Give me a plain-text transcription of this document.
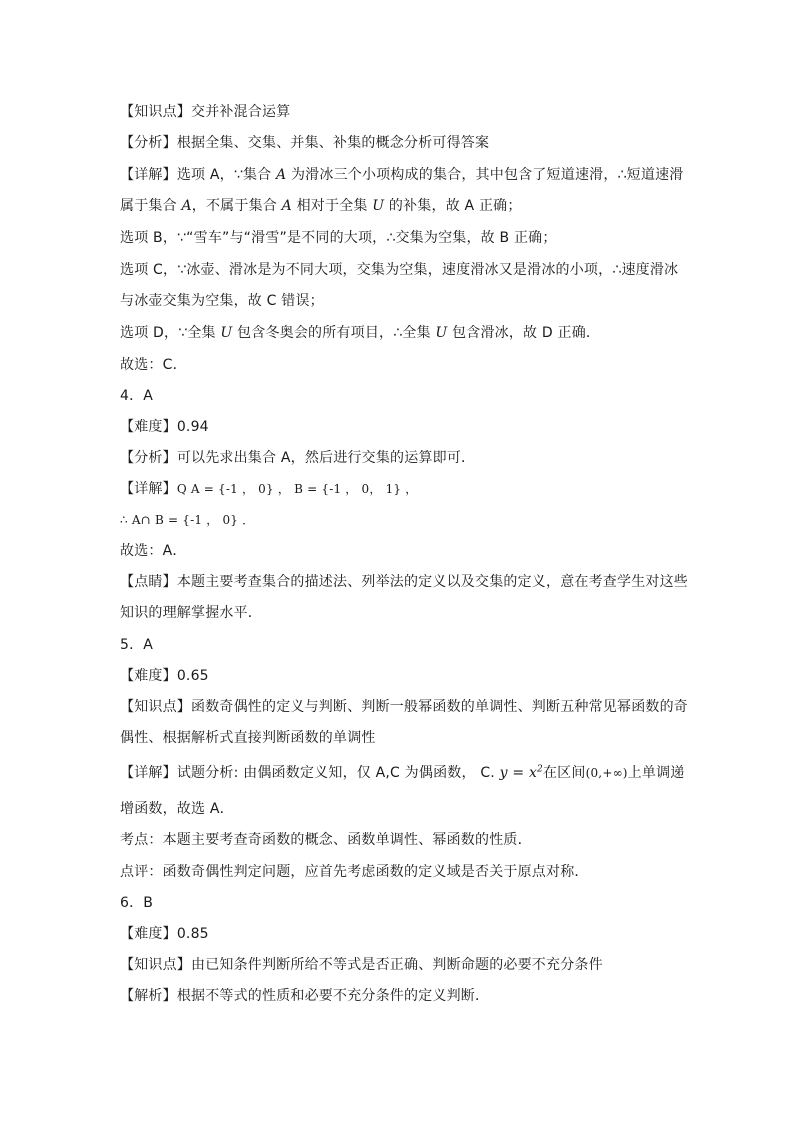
【知识点】交并补混合运算
【分析】根据全集、交集、并集、补集的概念分析可得答案
【详解】选项 A，∵集合 A 为滑冰三个小项构成的集合，其中包含了短道速滑，∴短道速滑
属于集合 A，不属于集合 A 相对于全集 U 的补集，故 A 正确；
选项 B，∵“雪车”与“滑雪”是不同的大项，∴交集为空集，故 B 正确；
选项 C，∵冰壶、滑冰是为不同大项，交集为空集，速度滑冰又是滑冰的小项，∴速度滑冰
与冰壶交集为空集，故 C 错误；
选项 D，∵全集 U 包含冬奥会的所有项目，∴全集 U 包含滑冰，故 D 正确．
故选：C．
4．A
【难度】0.94
【分析】可以先求出集合 A，然后进行交集的运算即可．
【详解】Q A = {-1 ， 0} ， B = {-1 ， 0， 1} ，
∴ A∩ B = {-1 ， 0} ．
故选：A．
【点睛】本题主要考查集合的描述法、列举法的定义以及交集的定义，意在考查学生对这些
知识的理解掌握水平．
5．A
【难度】0.65
【知识点】函数奇偶性的定义与判断、判断一般幂函数的单调性、判断五种常见幂函数的奇
偶性、根据解析式直接判断函数的单调性
【详解】试题分析: 由偶函数定义知，仅 A,C 为偶函数， C. $y = x^2$在区间(0,+∞)上单调递
增函数，故选 A．
考点：本题主要考查奇函数的概念、函数单调性、幂函数的性质．
点评：函数奇偶性判定问题，应首先考虑函数的定义域是否关于原点对称．
6．B
【难度】0.85
【知识点】由已知条件判断所给不等式是否正确、判断命题的必要不充分条件
【解析】根据不等式的性质和必要不充分条件的定义判断．
